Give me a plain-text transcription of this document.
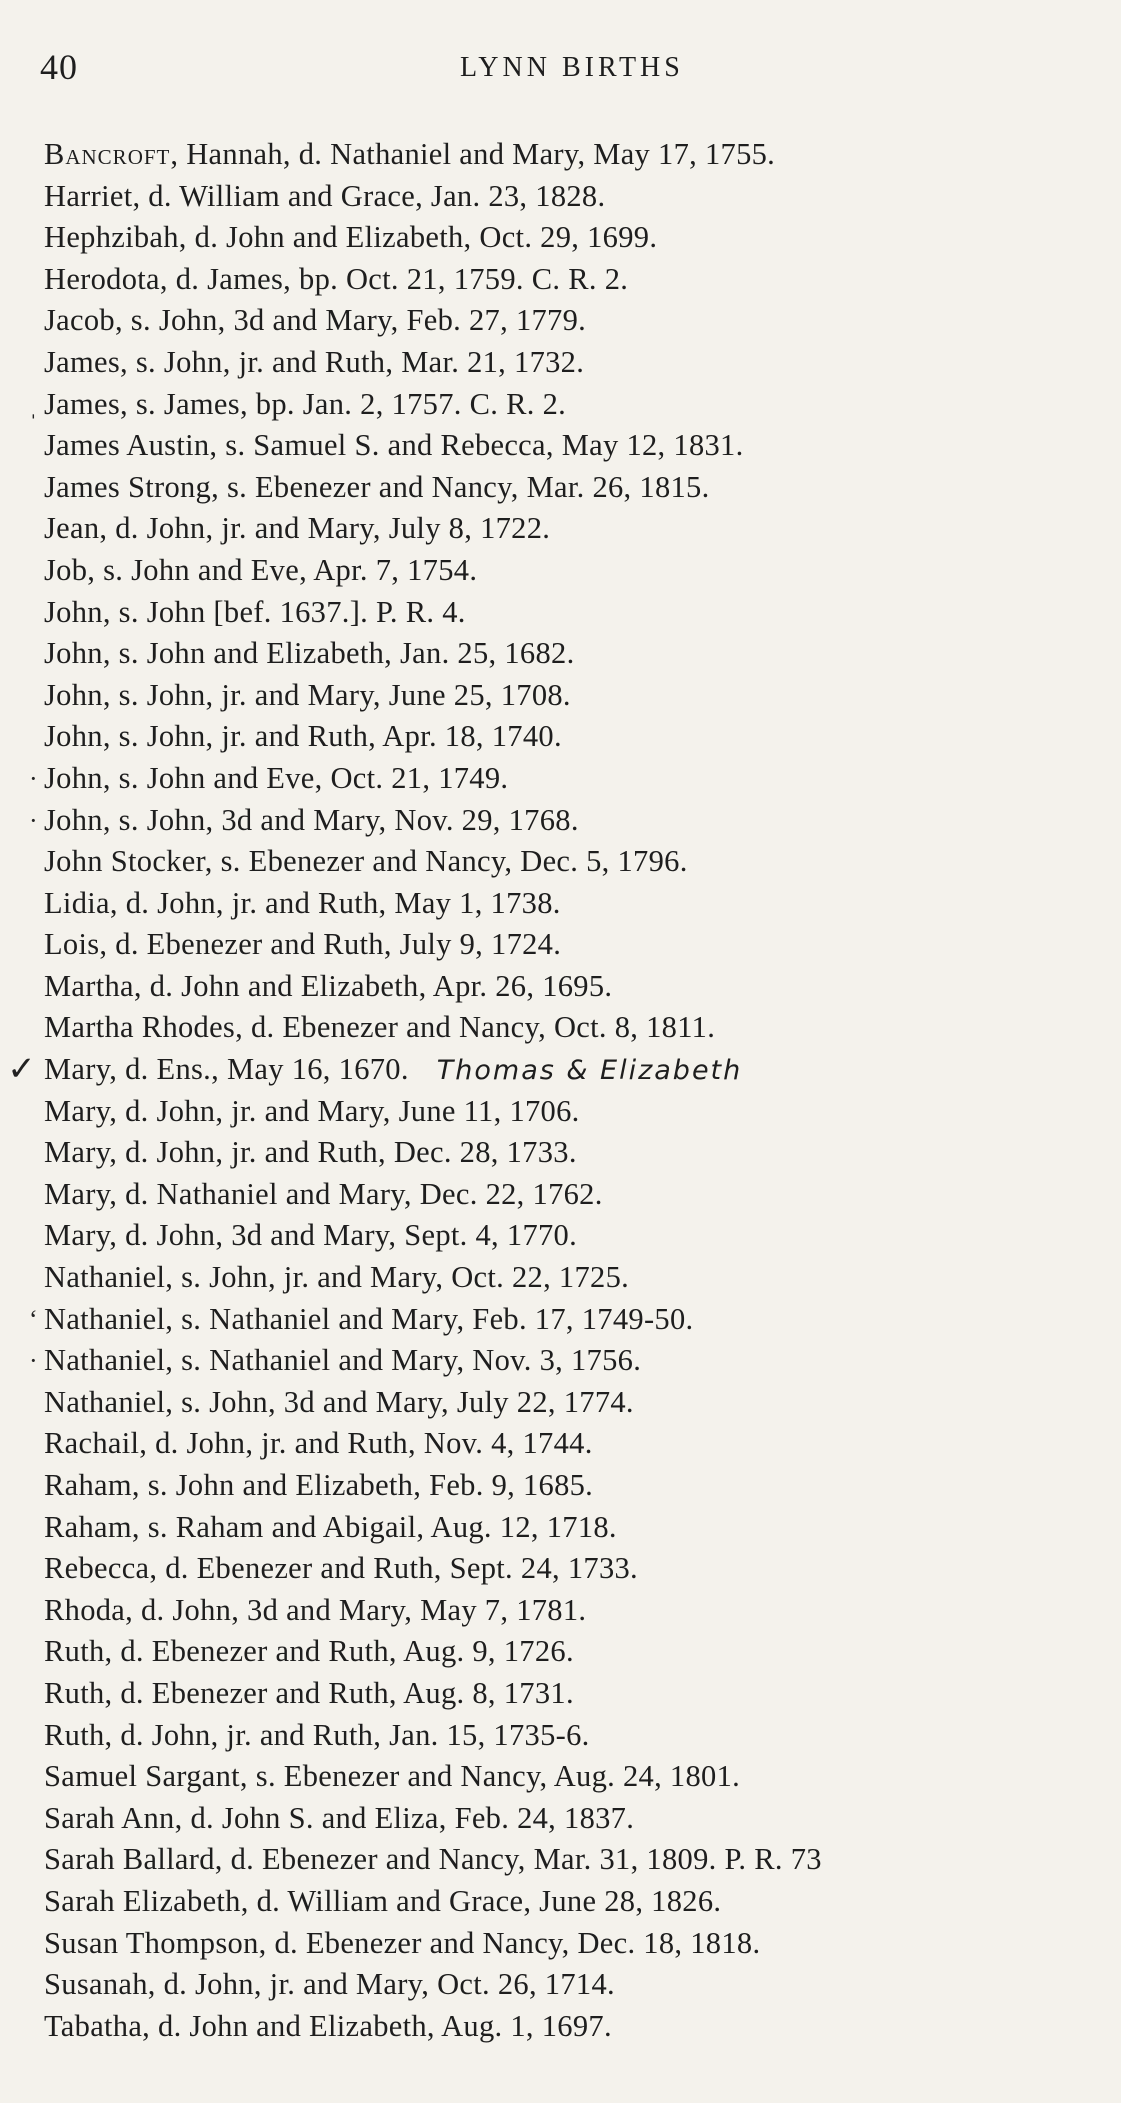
40	LYNN BIRTHS
Bancroft, Hannah, d. Nathaniel and Mary, May 17, 1755.
Harriet, d. William and Grace, Jan. 23, 1828.
Hephzibah, d. John and Elizabeth, Oct. 29, 1699.
Herodota, d. James, bp. Oct. 21, 1759. C. R. 2.
Jacob, s. John, 3d and Mary, Feb. 27, 1779.
James, s. John, jr. and Ruth, Mar. 21, 1732.
ˌ James, s. James, bp. Jan. 2, 1757. C. R. 2.
James Austin, s. Samuel S. and Rebecca, May 12, 1831.
James Strong, s. Ebenezer and Nancy, Mar. 26, 1815.
Jean, d. John, jr. and Mary, July 8, 1722.
Job, s. John and Eve, Apr. 7, 1754.
John, s. John [bef. 1637.]. P. R. 4.
John, s. John and Elizabeth, Jan. 25, 1682.
John, s. John, jr. and Mary, June 25, 1708.
John, s. John, jr. and Ruth, Apr. 18, 1740.
· John, s. John and Eve, Oct. 21, 1749.
· John, s. John, 3d and Mary, Nov. 29, 1768.
John Stocker, s. Ebenezer and Nancy, Dec. 5, 1796.
Lidia, d. John, jr. and Ruth, May 1, 1738.
Lois, d. Ebenezer and Ruth, July 9, 1724.
Martha, d. John and Elizabeth, Apr. 26, 1695.
Martha Rhodes, d. Ebenezer and Nancy, Oct. 8, 1811.
✓ Mary, d. Ens., May 16, 1670. Thomas & Elizabeth
Mary, d. John, jr. and Mary, June 11, 1706.
Mary, d. John, jr. and Ruth, Dec. 28, 1733.
Mary, d. Nathaniel and Mary, Dec. 22, 1762.
Mary, d. John, 3d and Mary, Sept. 4, 1770.
Nathaniel, s. John, jr. and Mary, Oct. 22, 1725.
ʻ Nathaniel, s. Nathaniel and Mary, Feb. 17, 1749-50.
· Nathaniel, s. Nathaniel and Mary, Nov. 3, 1756.
Nathaniel, s. John, 3d and Mary, July 22, 1774.
Rachail, d. John, jr. and Ruth, Nov. 4, 1744.
Raham, s. John and Elizabeth, Feb. 9, 1685.
Raham, s. Raham and Abigail, Aug. 12, 1718.
Rebecca, d. Ebenezer and Ruth, Sept. 24, 1733.
Rhoda, d. John, 3d and Mary, May 7, 1781.
Ruth, d. Ebenezer and Ruth, Aug. 9, 1726.
Ruth, d. Ebenezer and Ruth, Aug. 8, 1731.
Ruth, d. John, jr. and Ruth, Jan. 15, 1735-6.
Samuel Sargant, s. Ebenezer and Nancy, Aug. 24, 1801.
Sarah Ann, d. John S. and Eliza, Feb. 24, 1837.
Sarah Ballard, d. Ebenezer and Nancy, Mar. 31, 1809. P. R. 73
Sarah Elizabeth, d. William and Grace, June 28, 1826.
Susan Thompson, d. Ebenezer and Nancy, Dec. 18, 1818.
Susanah, d. John, jr. and Mary, Oct. 26, 1714.
Tabatha, d. John and Elizabeth, Aug. 1, 1697.
